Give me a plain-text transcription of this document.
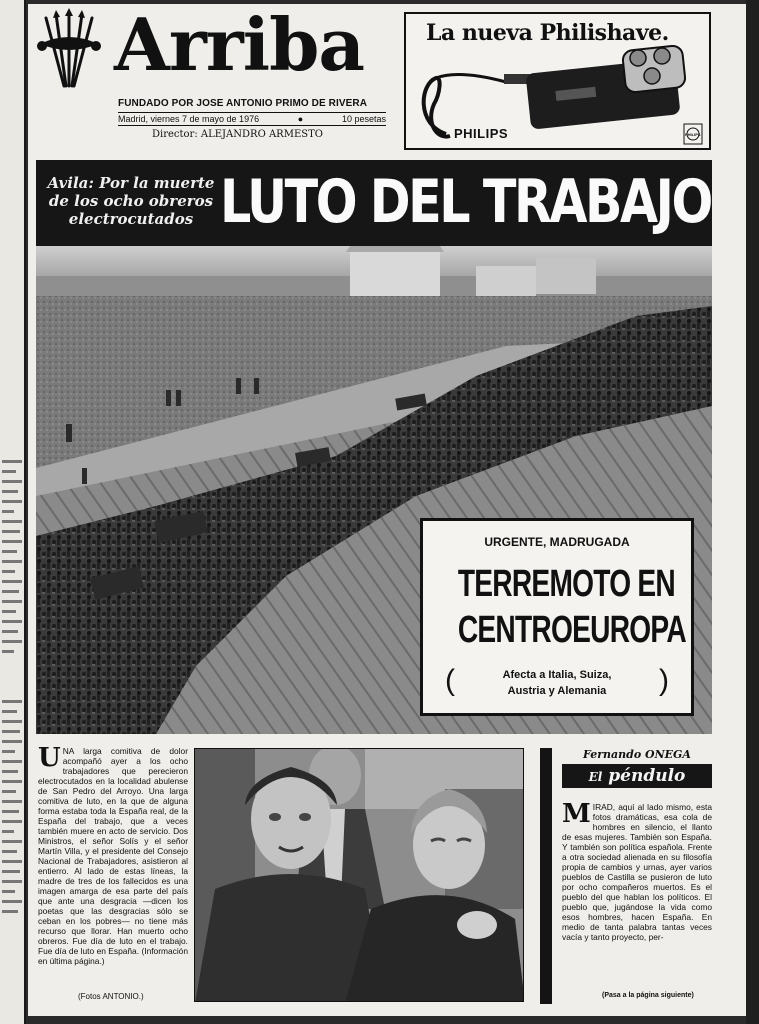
Arriba
FUNDADO POR JOSE ANTONIO PRIMO DE RIVERA
Madrid, viernes 7 de mayo de 1976	●	10 pesetas
Director: ALEJANDRO ARMESTO
La nueva Philishave.
PHILIPS	PHILIPS
Avila: Por la muerte de los ocho obreros electrocutados LUTO DEL TRABAJO
URGENTE, MADRUGADA
TERREMOTO EN
CENTROEUROPA
(	Afecta a Italia, Suiza,
Austria y Alemania	)
U NA larga comitiva de dolor acompañó ayer a los ocho trabajadores que perecieron electrocutados en la localidad abulense de San Pedro del Arroyo. Una larga comitiva de luto, en la que de alguna forma estaba toda la España real, de la España del trabajo, que a veces también muere en acto de servicio. Dos Ministros, el señor Solís y el señor Martín Villa, y el presidente del Consejo Nacional de Trabajadores, asistieron al entierro. Al lado de estas líneas, la madre de tres de los fallecidos es una imagen amarga de esa parte del país que ante una desgracia —dicen los poetas que las desgracias sólo se ceban en los pobres— no tiene más recurso que llorar. Han muerto ocho obreros. Fue día de luto en el trabajo. Fue día de luto en España. (Información en última página.)
(Fotos ANTONIO.)
Fernando ONEGA
El péndulo
M IRAD, aquí al lado mismo, esta fotos dramáticas, esa cola de hombres en silencio, el llanto de esas mujeres. También son España. Y también son política española. Frente a otra sociedad alienada en su filosofía propia de cambios y urnas, ayer varios pueblos de Castilla se pusieron de luto por ocho compañeros muertos. Es el pueblo del que hablan los políticos. El pueblo que, jugándose la vida como esos hombres, hacen España. En medio de tanta palabra tantas veces vacía y tanto proyecto, per-
(Pasa a la página siguiente)
